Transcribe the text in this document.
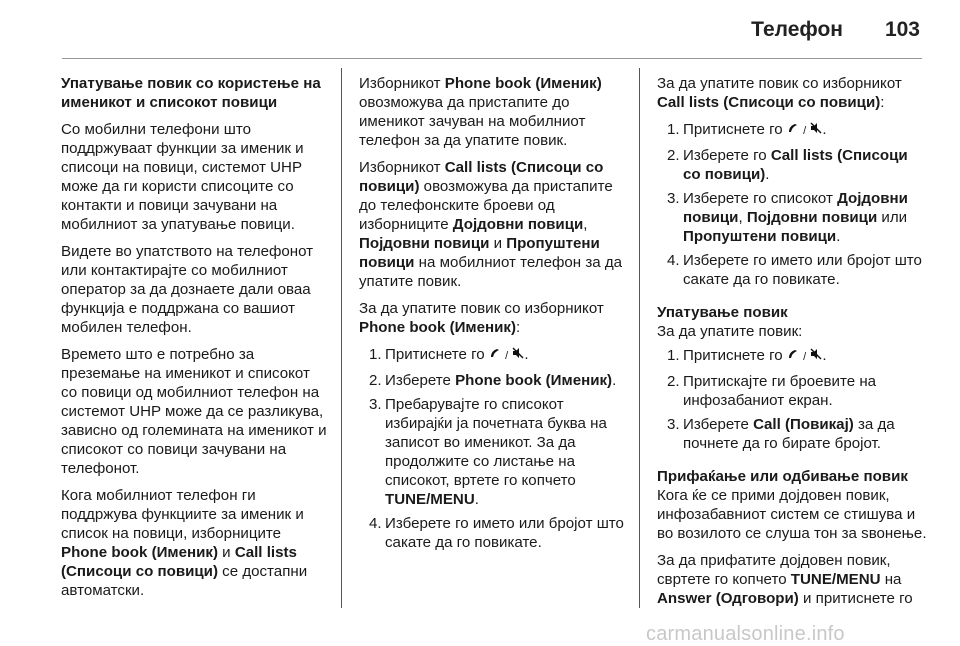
Телефон 103

Упатување повик со користење на именикот и списокот повици

Со мобилни телефони што поддржуваат функции за именик и списоци на повици, системот UHP може да ги користи списоците со контакти и повици зачувани на мобилниот за упатување повици.

Видете во упатството на телефонот или контактирајте со мобилниот оператор за да дознаете дали оваа функција е поддржана со вашиот мобилен телефон.

Времето што е потребно за преземање на именикот и списокот со повици од мобилниот телефон на системот UHP може да се разликува, зависно од големината на именикот и списокот со повици зачувани на телефонот.

Кога мобилниот телефон ги поддржува функциите за именик и список на повици, изборниците Phone book (Именик) и Call lists (Списоци со повици) се достапни автоматски.

Изборникот Phone book (Именик) овозможува да пристапите до именикот зачуван на мобилниот телефон за да упатите повик.

Изборникот Call lists (Списоци со повици) овозможува да пристапите до телефонските броеви од изборниците Дојдовни повици, Појдовни повици и Пропуштени повици на мобилниот телефон за да упатите повик.

За да упатите повик со изборникот Phone book (Именик):

1. Притиснете го  / .
2. Изберете Phone book (Именик).
3. Пребарувајте го списокот избирајќи ја почетната буква на записот во именикот. За да продолжите со листање на списокот, вртете го копчето TUNE/MENU.
4. Изберете го името или бројот што сакате да го повикате.

За да упатите повик со изборникот Call lists (Списоци со повици):

1. Притиснете го  / .
2. Изберете го Call lists (Списоци со повици).
3. Изберете го списокот Дојдовни повици, Појдовни повици или Пропуштени повици.
4. Изберете го името или бројот што сакате да го повикате.

Упатување повик

За да упатите повик:

1. Притиснете го  / .
2. Притискајте ги броевите на инфозабаниот екран.
3. Изберете Call (Повикај) за да почнете да го бирате бројот.

Прифаќање или одбивање повик

Кога ќе се прими дојдовен повик, инфозабавниот систем се стишува и во возилото се слуша тон за ѕвонење.

За да прифатите дојдовен повик, свртете го копчето TUNE/MENU на Answer (Одговори) и притиснете го

carmanualsonline.info
